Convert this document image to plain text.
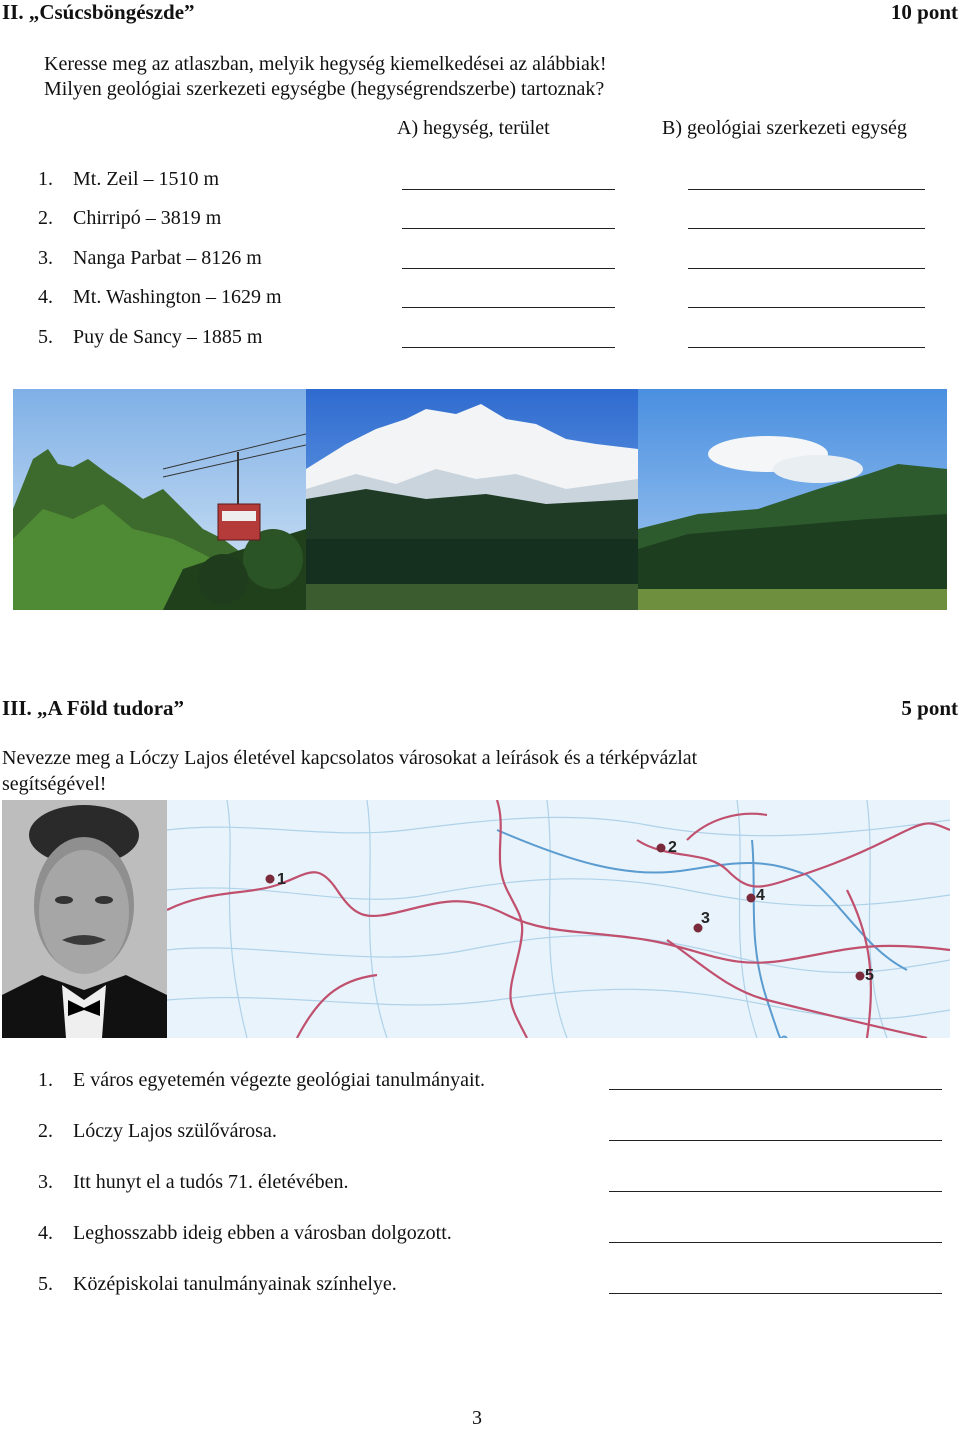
II. „Csúcsböngészde”	10 pont
Keresse meg az atlaszban, melyik hegység kiemelkedései az alábbiak!
Milyen geológiai szerkezeti egységbe (hegységrendszerbe) tartoznak?
A) hegység, terület	B) geológiai szerkezeti egység
1. Mt. Zeil – 1510 m
2. Chirripó – 3819 m
3. Nanga Parbat – 8126 m
4. Mt. Washington – 1629 m
5. Puy de Sancy – 1885 m
III. „A Föld tudora”	5 pont
Nevezze meg a Lóczy Lajos életével kapcsolatos városokat a leírások és a térképvázlat
segítségével!
1
2
3
4
5
1. E város egyetemén végezte geológiai tanulmányait.
2. Lóczy Lajos szülővárosa.
3. Itt hunyt el a tudós 71. életévében.
4. Leghosszabb ideig ebben a városban dolgozott.
5. Középiskolai tanulmányainak színhelye.
3
